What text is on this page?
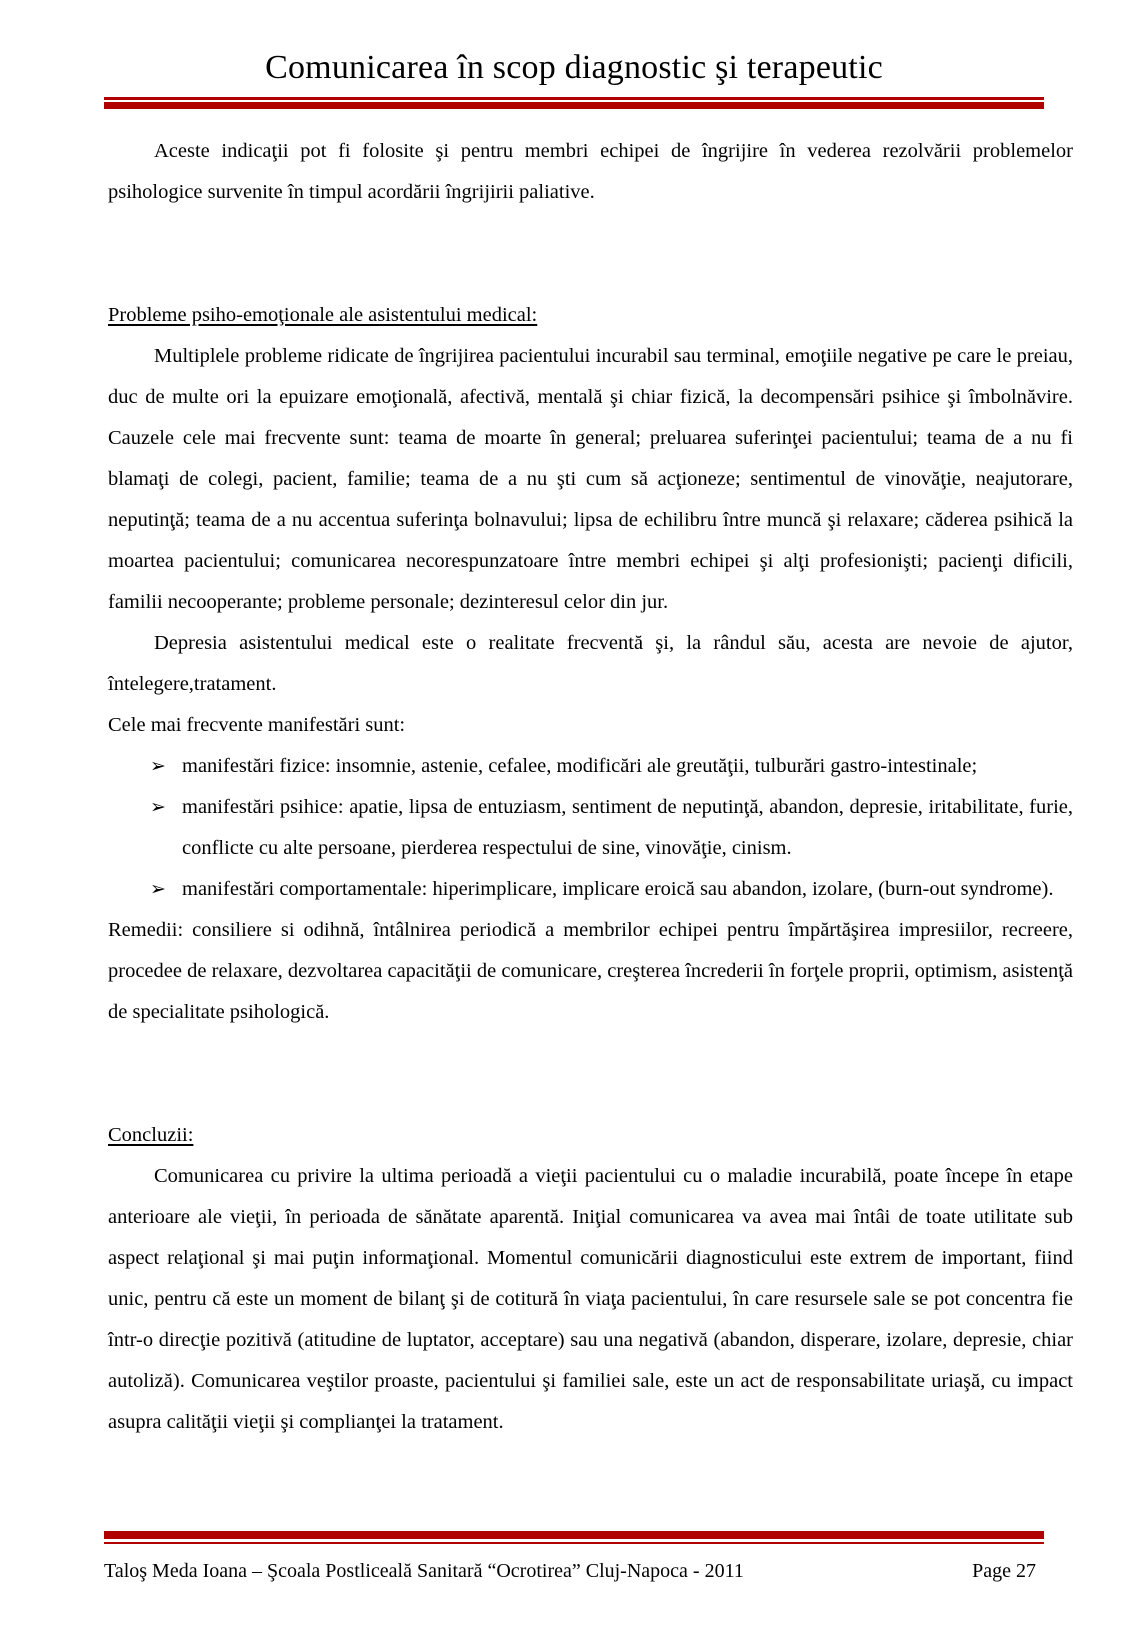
Comunicarea în scop diagnostic şi terapeutic

Aceste indicaţii pot fi folosite şi pentru membri echipei de îngrijire în vederea rezolvării problemelor psihologice survenite în timpul acordării îngrijirii paliative.

Probleme psiho-emoţionale ale asistentului medical:

Multiplele probleme ridicate de îngrijirea pacientului incurabil sau terminal, emoţiile negative pe care le preiau, duc de multe ori la epuizare emoţională, afectivă, mentală şi chiar fizică, la decompensări psihice şi îmbolnăvire. Cauzele cele mai frecvente sunt: teama de moarte în general; preluarea suferinţei pacientului; teama de a nu fi blamaţi de colegi, pacient, familie; teama de a nu şti cum să acţioneze; sentimentul de vinovăţie, neajutorare, neputinţă; teama de a nu accentua suferinţa bolnavului; lipsa de echilibru între muncă şi relaxare; căderea psihică la moartea pacientului; comunicarea necorespunzatoare între membri echipei şi alţi profesionişti; pacienţi dificili, familii necooperante; probleme personale; dezinteresul celor din jur.

Depresia asistentului medical este o realitate frecventă şi, la rândul său, acesta are nevoie de ajutor, întelegere,tratament.

Cele mai frecvente manifestări sunt:

➢ manifestări fizice: insomnie, astenie, cefalee, modificări ale greutăţii, tulburări gastro-intestinale;
➢ manifestări psihice: apatie, lipsa de entuziasm, sentiment de neputinţă, abandon, depresie, iritabilitate, furie, conflicte cu alte persoane, pierderea respectului de sine, vinovăţie, cinism.
➢ manifestări comportamentale: hiperimplicare, implicare eroică sau abandon, izolare, (burn-out syndrome).

Remedii: consiliere si odihnă, întâlnirea periodică a membrilor echipei pentru împărtăşirea impresiilor, recreere, procedee de relaxare, dezvoltarea capacităţii de comunicare, creşterea încrederii în forţele proprii, optimism, asistenţă de specialitate psihologică.

Concluzii:

Comunicarea cu privire la ultima perioadă a vieţii pacientului cu o maladie incurabilă, poate începe în etape anterioare ale vieţii, în perioada de sănătate aparentă. Iniţial comunicarea va avea mai întâi de toate utilitate sub aspect relaţional şi mai puţin informaţional. Momentul comunicării diagnosticului este extrem de important, fiind unic, pentru că este un moment de bilanţ şi de cotitură în viaţa pacientului, în care resursele sale se pot concentra fie într-o direcţie pozitivă (atitudine de luptator, acceptare) sau una negativă (abandon, disperare, izolare, depresie, chiar autoliză). Comunicarea veştilor proaste, pacientului şi familiei sale, este un act de responsabilitate uriaşă, cu impact asupra calităţii vieţii şi complianţei la tratament.

Taloş Meda Ioana – Şcoala Postliceală Sanitară “Ocrotirea” Cluj-Napoca - 2011	Page 27
